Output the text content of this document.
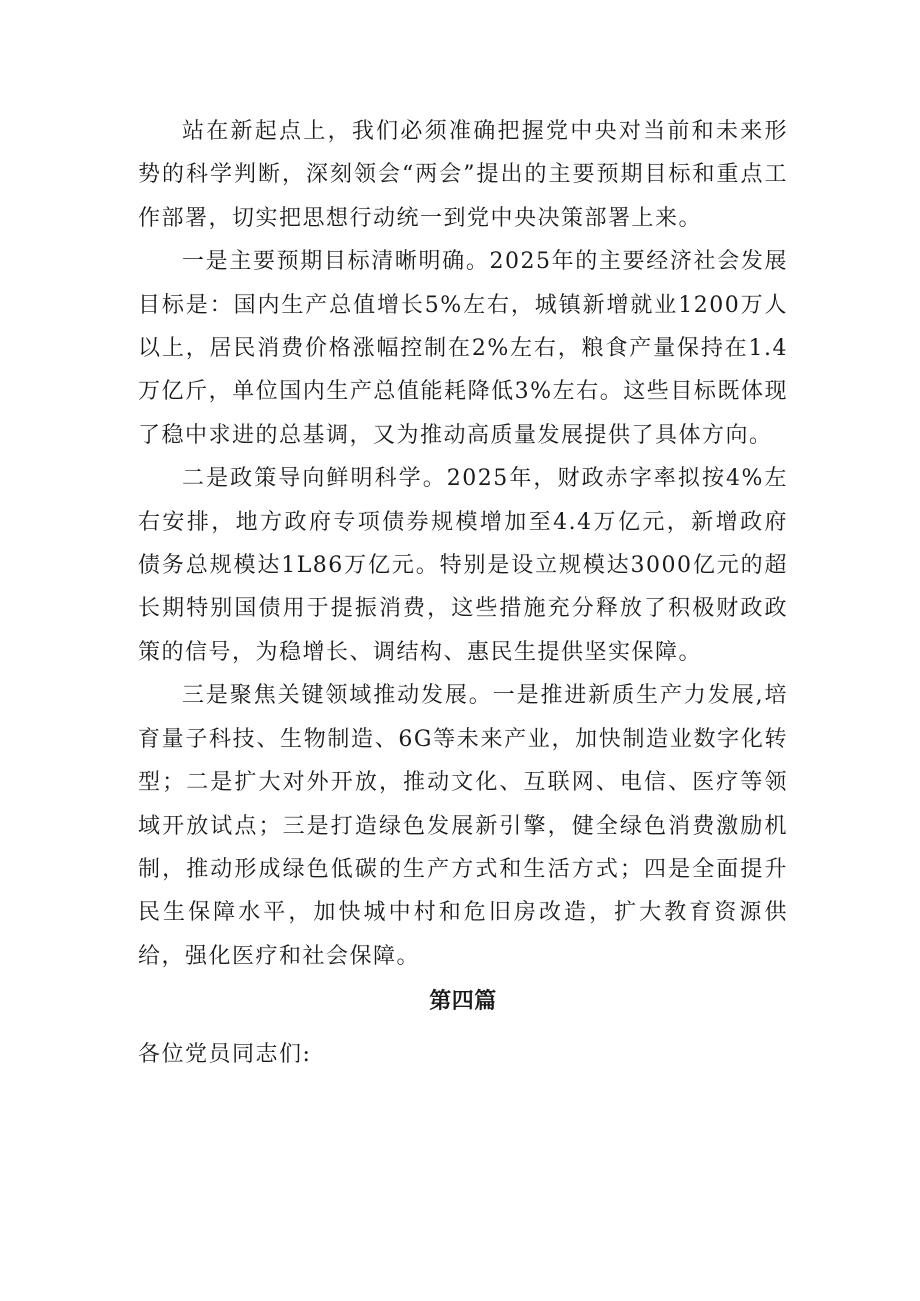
站在新起点上，我们必须准确把握党中央对当前和未来形势的科学判断，深刻领会“两会”提出的主要预期目标和重点工作部署，切实把思想行动统一到党中央决策部署上来。

一是主要预期目标清晰明确。2025年的主要经济社会发展目标是：国内生产总值增长5%左右，城镇新增就业1200万人以上，居民消费价格涨幅控制在2%左右，粮食产量保持在1.4万亿斤，单位国内生产总值能耗降低3%左右。这些目标既体现了稳中求进的总基调，又为推动高质量发展提供了具体方向。

二是政策导向鲜明科学。2025年，财政赤字率拟按4%左右安排，地方政府专项债券规模增加至4.4万亿元，新增政府债务总规模达1L86万亿元。特别是设立规模达3000亿元的超长期特别国债用于提振消费，这些措施充分释放了积极财政政策的信号，为稳增长、调结构、惠民生提供坚实保障。

三是聚焦关键领域推动发展。一是推进新质生产力发展,培育量子科技、生物制造、6G等未来产业，加快制造业数字化转型；二是扩大对外开放，推动文化、互联网、电信、医疗等领域开放试点；三是打造绿色发展新引擎，健全绿色消费激励机制，推动形成绿色低碳的生产方式和生活方式；四是全面提升民生保障水平，加快城中村和危旧房改造，扩大教育资源供给，强化医疗和社会保障。

第四篇

各位党员同志们:
